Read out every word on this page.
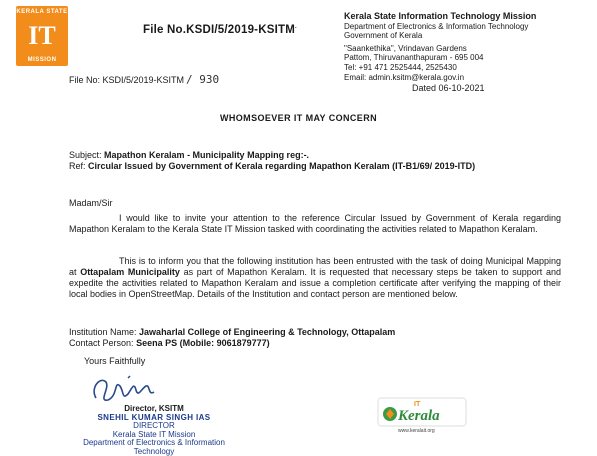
KERALA STATE
IT
MISSION
File No.KSDI/5/2019-KSITM.
Kerala State Information Technology Mission
Department of Electronics & Information Technology
Government of Kerala
"Saankethika", Vrindavan Gardens
Pattom, Thiruvananthapuram - 695 004
Tel: +91 471 2525444, 2525430
Email: admin.ksitm@kerala.gov.in
File No: KSDI/5/2019-KSITM / 930
Dated 06-10-2021
WHOMSOEVER IT MAY CONCERN
Subject: Mapathon Keralam - Municipality Mapping reg:-.
Ref: Circular Issued by Government of Kerala regarding Mapathon Keralam (IT-B1/69/ 2019-ITD)
Madam/Sir
I would like to invite your attention to the reference Circular Issued by Government of Kerala regarding Mapathon Keralam to the Kerala State IT Mission tasked with coordinating the activities related to Mapathon Keralam.
This is to inform you that the following institution has been entrusted with the task of doing Municipal Mapping at Ottapalam Municipality as part of Mapathon Keralam. It is requested that necessary steps be taken to support and expedite the activities related to Mapathon Keralam and issue a completion certificate after verifying the mapping of their local bodies in OpenStreetMap. Details of the Institution and contact person are mentioned below.
Institution Name: Jawaharlal College of Engineering & Technology, Ottapalam
Contact Person: Seena PS (Mobile: 9061879777)
Yours Faithfully
Director, KSITM
SNEHIL KUMAR SINGH IAS
DIRECTOR
Kerala State IT Mission
Department of Electronics & Information Technology
IT
Kerala
www.keralait.org
